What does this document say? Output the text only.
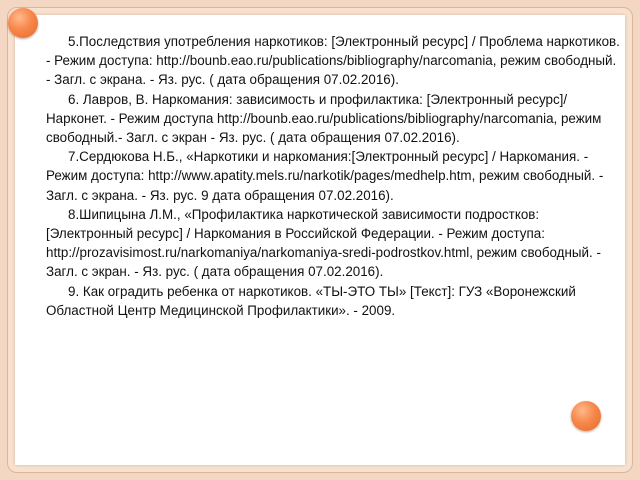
5.Последствия употребления наркотиков: [Электронный ресурс] / Проблема наркотиков. - Режим доступа: http://bounb.eao.ru/publications/bibliography/narcomania, режим свободный. - Загл. с экрана. - Яз. рус. ( дата обращения 07.02.2016).

6. Лавров, В. Наркомания: зависимость и профилактика: [Электронный ресурс]/ Нарконет. - Режим доступа http://bounb.eao.ru/publications/bibliography/narcomania, режим свободный.- Загл. с экран - Яз. рус. ( дата обращения 07.02.2016).

7.Сердюкова Н.Б., «Наркотики и наркомания:[Электронный ресурс] / Наркомания. - Режим доступа: http://www.apatity.mels.ru/narkotik/pages/medhelp.htm, режим свободный. - Загл. с экрана. - Яз. рус. 9 дата обращения 07.02.2016).

8.Шипицына Л.М., «Профилактика наркотической зависимости подростков: [Электронный ресурс] / Наркомания в Российской Федерации. - Режим доступа: http://prozavisimost.ru/narkomaniya/narkomaniya-sredi-podrostkov.html, режим свободный. - Загл. с экран. - Яз. рус. ( дата обращения 07.02.2016).

9. Как оградить ребенка от наркотиков. «ТЫ-ЭТО ТЫ» [Текст]: ГУЗ «Воронежский Областной Центр Медицинской Профилактики». - 2009.
